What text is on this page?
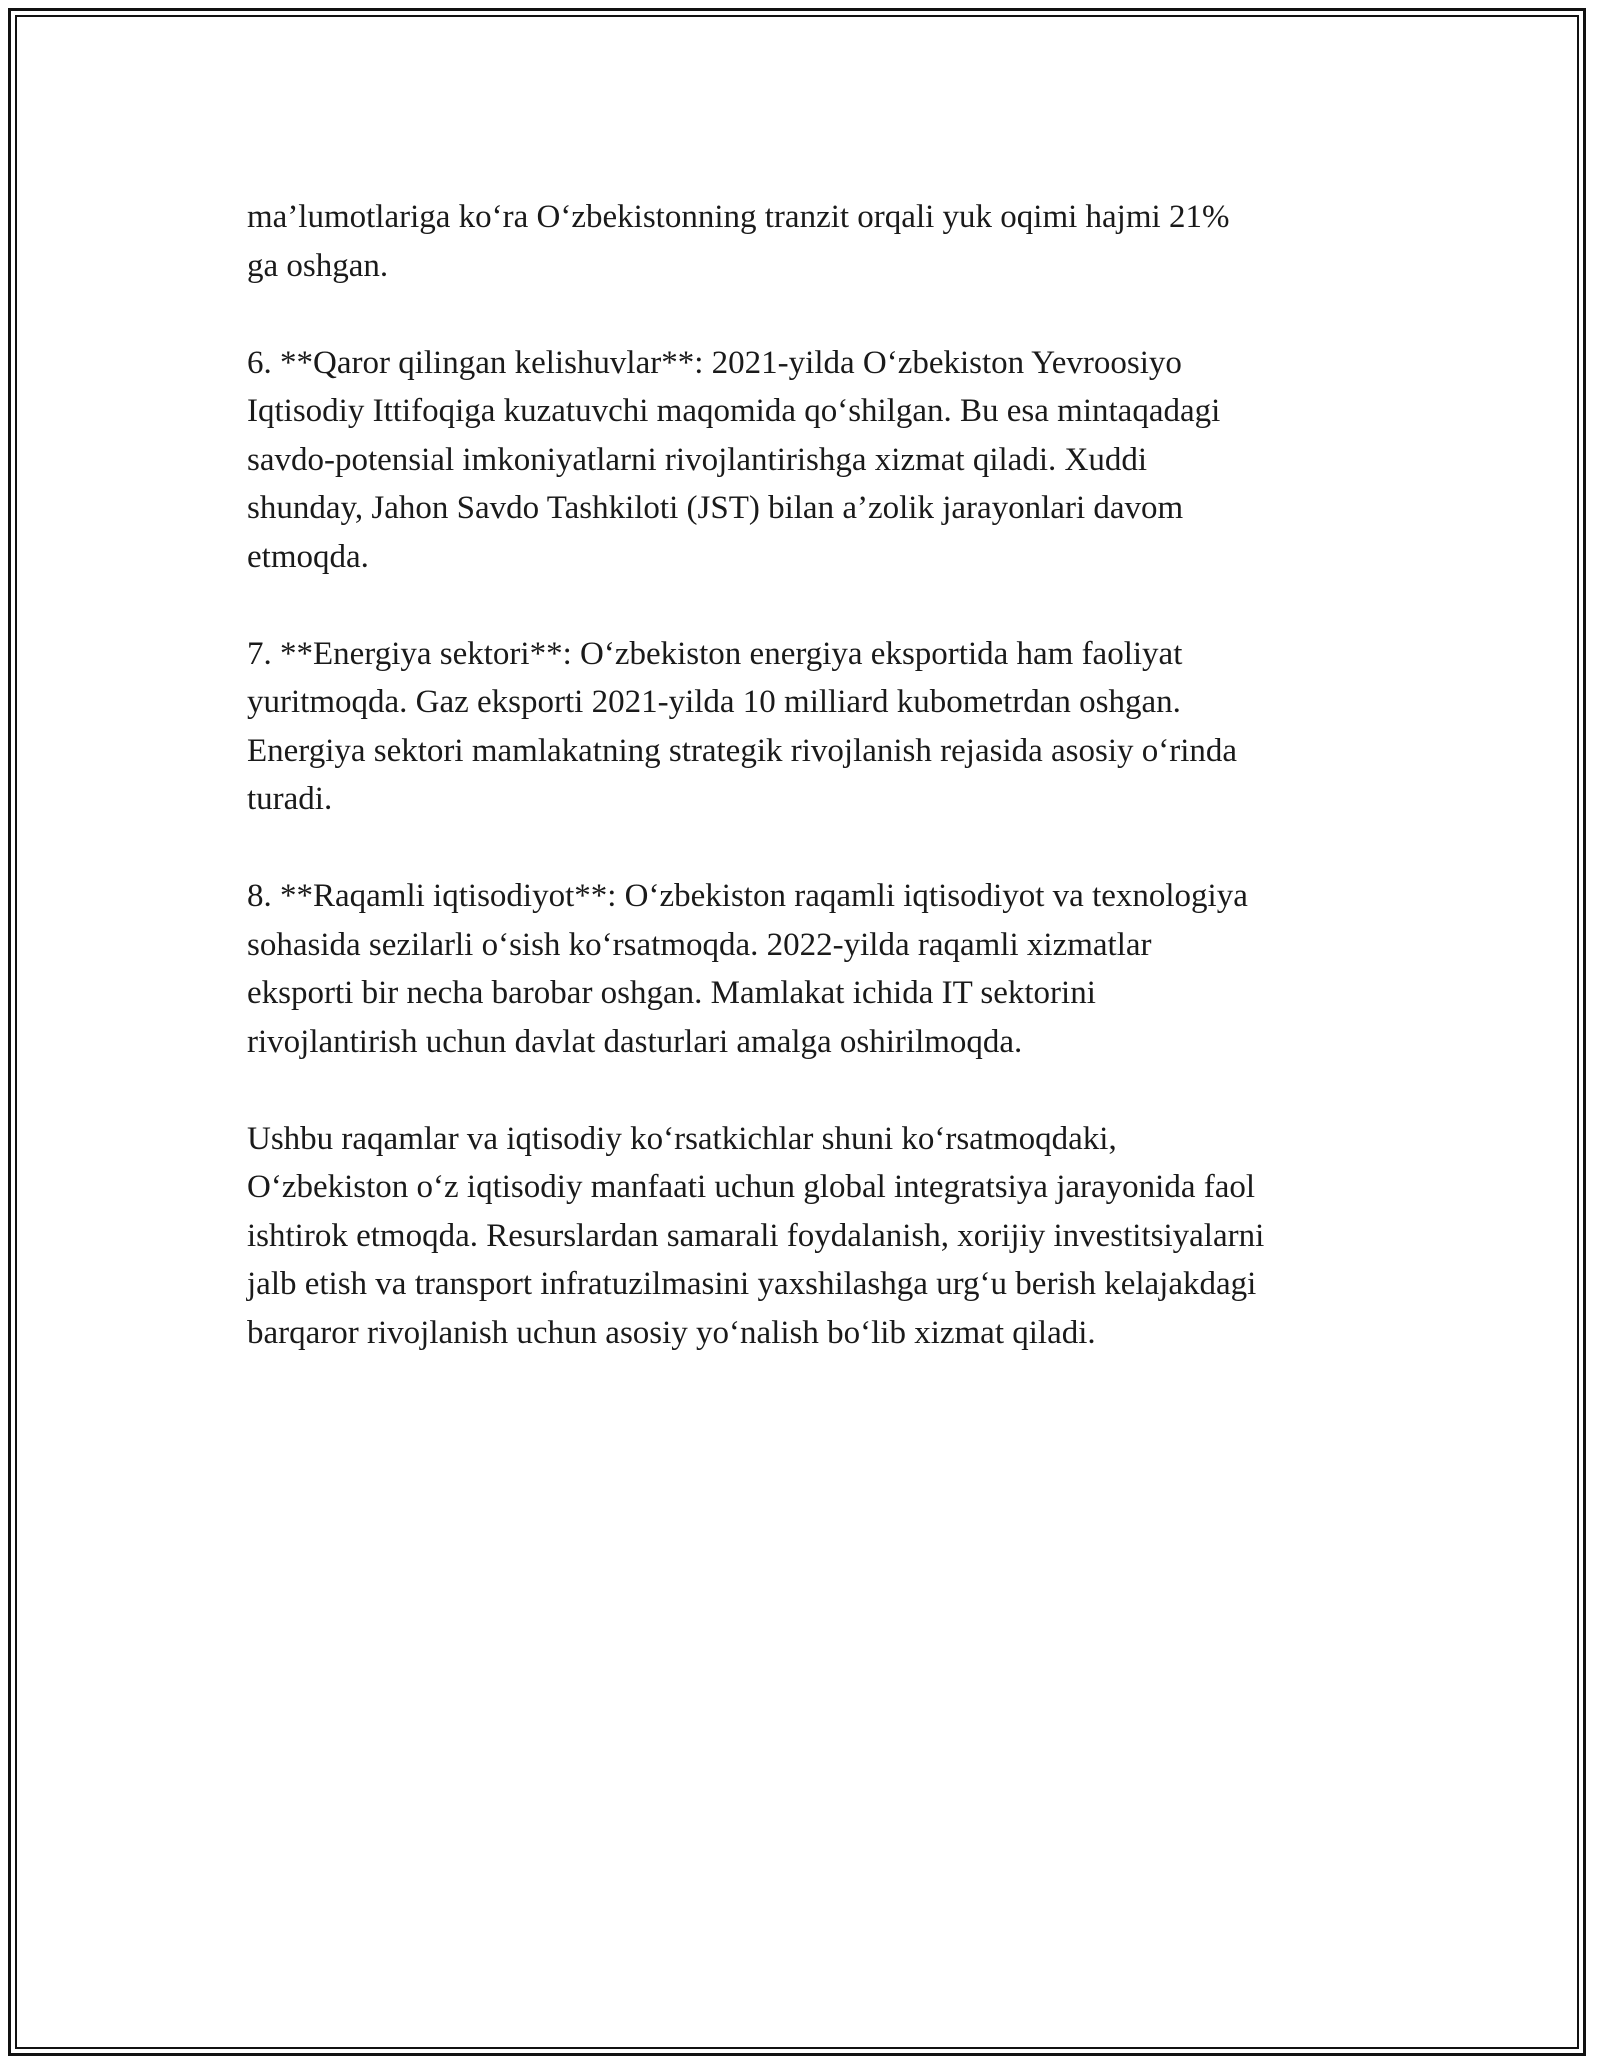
ma’lumotlariga ko‘ra O‘zbekistonning tranzit orqali yuk oqimi hajmi 21%
ga oshgan.

6. **Qaror qilingan kelishuvlar**: 2021-yilda O‘zbekiston Yevroosiyo
Iqtisodiy Ittifoqiga kuzatuvchi maqomida qo‘shilgan. Bu esa mintaqadagi
savdo-potensial imkoniyatlarni rivojlantirishga xizmat qiladi. Xuddi
shunday, Jahon Savdo Tashkiloti (JST) bilan a’zolik jarayonlari davom
etmoqda.

7. **Energiya sektori**: O‘zbekiston energiya eksportida ham faoliyat
yuritmoqda. Gaz eksporti 2021-yilda 10 milliard kubometrdan oshgan.
Energiya sektori mamlakatning strategik rivojlanish rejasida asosiy o‘rinda
turadi.

8. **Raqamli iqtisodiyot**: O‘zbekiston raqamli iqtisodiyot va texnologiya
sohasida sezilarli o‘sish ko‘rsatmoqda. 2022-yilda raqamli xizmatlar
eksporti bir necha barobar oshgan. Mamlakat ichida IT sektorini
rivojlantirish uchun davlat dasturlari amalga oshirilmoqda.

Ushbu raqamlar va iqtisodiy ko‘rsatkichlar shuni ko‘rsatmoqdaki,
O‘zbekiston o‘z iqtisodiy manfaati uchun global integratsiya jarayonida faol
ishtirok etmoqda. Resurslardan samarali foydalanish, xorijiy investitsiyalarni
jalb etish va transport infratuzilmasini yaxshilashga urg‘u berish kelajakdagi
barqaror rivojlanish uchun asosiy yo‘nalish bo‘lib xizmat qiladi.
